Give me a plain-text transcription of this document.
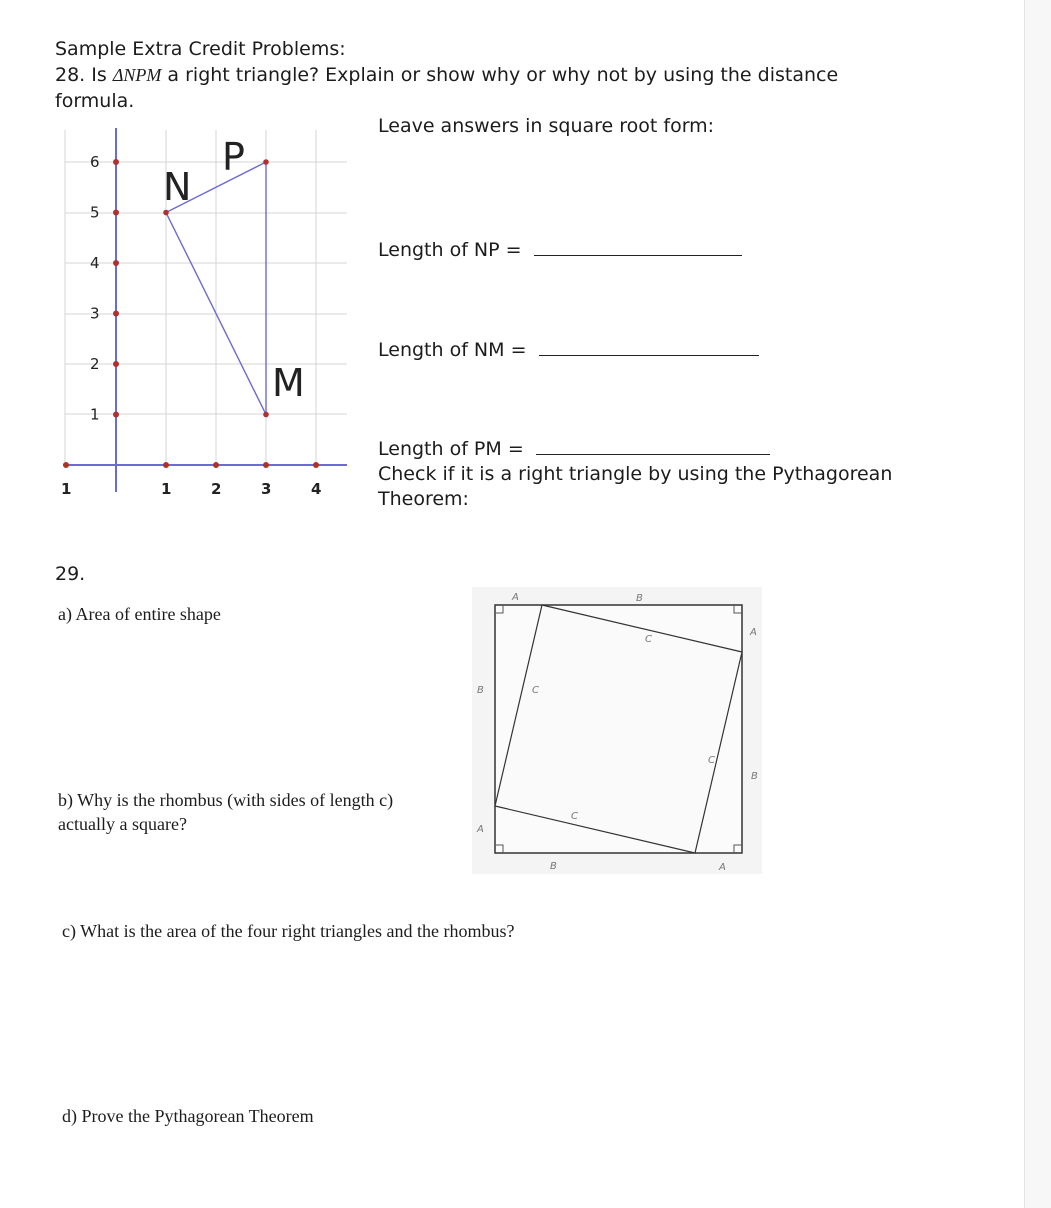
Sample Extra Credit Problems:
28. Is ΔNPM a right triangle? Explain or show why or why not by using the distance
formula.
Leave answers in square root form:
Length of NP =
Length of NM =
Length of PM =
Check if it is a right triangle by using the Pythagorean
Theorem:
6
5
4
3
2
1
1	1	2	3	4
N
P
M
29.
a) Area of entire shape
b) Why is the rhombus (with sides of length c)
actually a square?
c) What is the area of the four right triangles and the rhombus?
d) Prove the Pythagorean Theorem
A	B
A
B
B	A
B
A
C
C
C
C
